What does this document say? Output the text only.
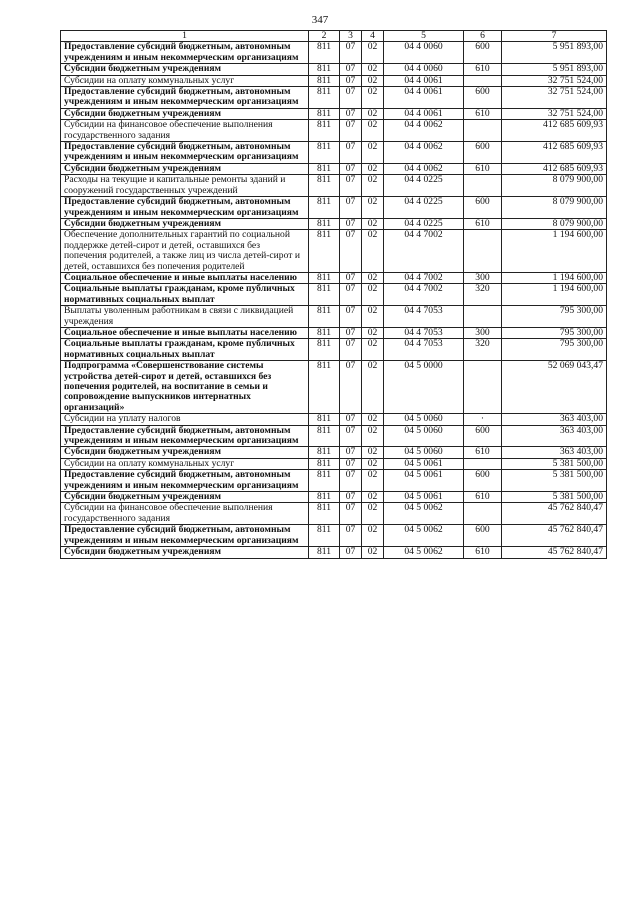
347
1	2	3	4	5	6	7
Предоставление субсидий бюджетным, автономным учреждениям и иным некоммерческим организациям	811	07	02	04 4 0060	600	5 951 893,00
Субсидии бюджетным учреждениям	811	07	02	04 4 0060	610	5 951 893,00
Субсидии на оплату коммунальных услуг	811	07	02	04 4 0061		32 751 524,00
Предоставление субсидий бюджетным, автономным учреждениям и иным некоммерческим организациям	811	07	02	04 4 0061	600	32 751 524,00
Субсидии бюджетным учреждениям	811	07	02	04 4 0061	610	32 751 524,00
Субсидии на финансовое обеспечение выполнения государственного задания	811	07	02	04 4 0062		412 685 609,93
Предоставление субсидий бюджетным, автономным учреждениям и иным некоммерческим организациям	811	07	02	04 4 0062	600	412 685 609,93
Субсидии бюджетным учреждениям	811	07	02	04 4 0062	610	412 685 609,93
Расходы на текущие и капитальные ремонты зданий и сооружений государственных учреждений	811	07	02	04 4 0225		8 079 900,00
Предоставление субсидий бюджетным, автономным учреждениям и иным некоммерческим организациям	811	07	02	04 4 0225	600	8 079 900,00
Субсидии бюджетным учреждениям	811	07	02	04 4 0225	610	8 079 900,00
Обеспечение дополнительных гарантий по социальной поддержке детей-сирот и детей, оставшихся без попечения родителей, а также лиц из числа детей-сирот и детей, оставшихся без попечения родителей	811	07	02	04 4 7002		1 194 600,00
Социальное обеспечение и иные выплаты населению	811	07	02	04 4 7002	300	1 194 600,00
Социальные выплаты гражданам, кроме публичных нормативных социальных выплат	811	07	02	04 4 7002	320	1 194 600,00
Выплаты уволенным работникам в связи с ликвидацией учреждения	811	07	02	04 4 7053		795 300,00
Социальное обеспечение и иные выплаты населению	811	07	02	04 4 7053	300	795 300,00
Социальные выплаты гражданам, кроме публичных нормативных социальных выплат	811	07	02	04 4 7053	320	795 300,00
Подпрограмма «Совершенствование системы устройства детей-сирот и детей, оставшихся без попечения родителей, на воспитание в семьи и сопровождение выпускников интернатных организаций»	811	07	02	04 5 0000		52 069 043,47
Субсидии на уплату налогов	811	07	02	04 5 0060	·	363 403,00
Предоставление субсидий бюджетным, автономным учреждениям и иным некоммерческим организациям	811	07	02	04 5 0060	600	363 403,00
Субсидии бюджетным учреждениям	811	07	02	04 5 0060	610	363 403,00
Субсидии на оплату коммунальных услуг	811	07	02	04 5 0061		5 381 500,00
Предоставление субсидий бюджетным, автономным учреждениям и иным некоммерческим организациям	811	07	02	04 5 0061	600	5 381 500,00
Субсидии бюджетным учреждениям	811	07	02	04 5 0061	610	5 381 500,00
Субсидии на финансовое обеспечение выполнения государственного задания	811	07	02	04 5 0062		45 762 840,47
Предоставление субсидий бюджетным, автономным учреждениям и иным некоммерческим организациям	811	07	02	04 5 0062	600	45 762 840,47
Субсидии бюджетным учреждениям	811	07	02	04 5 0062	610	45 762 840,47
